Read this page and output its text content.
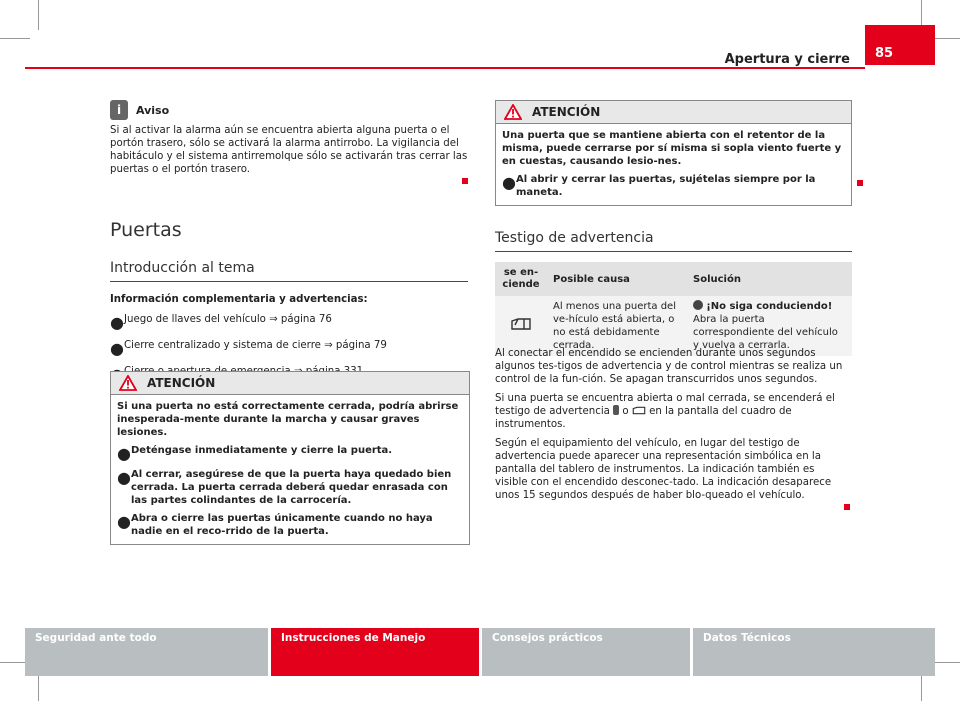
Apertura y cierre	85
i Aviso

Si al activar la alarma aún se encuentra abierta alguna puerta o el portón trasero, sólo se activará la alarma antirrobo. La vigilancia del habitáculo y el sistema antirremolque sólo se activarán tras cerrar las puertas o el portón trasero.

Puertas
Introducción al tema

Información complementaria y advertencias:

● Juego de llaves del vehículo ⇒ página 76

● Cierre centralizado y sistema de cierre ⇒ página 79

ATENCIÓN

Si una puerta no está correctamente cerrada, podría abrirse inesperada-mente durante la marcha y causar graves lesiones.

● Deténgase inmediatamente y cierre la puerta.

● Al cerrar, asegúrese de que la puerta haya quedado bien cerrada. La puerta cerrada deberá quedar enrasada con las partes colindantes de la carrocería.

● Abra o cierre las puertas únicamente cuando no haya nadie en el reco-rrido de la puerta.

ATENCIÓN

Una puerta que se mantiene abierta con el retentor de la misma, puede cerrarse por sí misma si sopla viento fuerte y en cuestas, causando lesio-nes.

● Al abrir y cerrar las puertas, sujételas siempre por la maneta.

Testigo de advertencia
se en-
ciende	Posible causa	Solución
	Al menos una puerta del ve-hículo está abierta, o no está debidamente cerrada.	¡No siga conduciendo!
Abra la puerta correspondiente del vehículo y vuelva a cerrarla.

Al conectar el encendido se encienden durante unos segundos algunos tes-tigos de advertencia y de control mientras se realiza un control de la fun-ción. Se apagan transcurridos unos segundos.

Si una puerta se encuentra abierta o mal cerrada, se encenderá el testigo de advertencia o en la pantalla del cuadro de instrumentos.

Según el equipamiento del vehículo, en lugar del testigo de advertencia puede aparecer una representación simbólica en la pantalla del tablero de instrumentos. La indicación también es visible con el encendido desconec-tado. La indicación desaparece unos 15 segundos después de haber blo-queado el vehículo.

Seguridad ante todo	Instrucciones de Manejo	Consejos prácticos	Datos Técnicos
